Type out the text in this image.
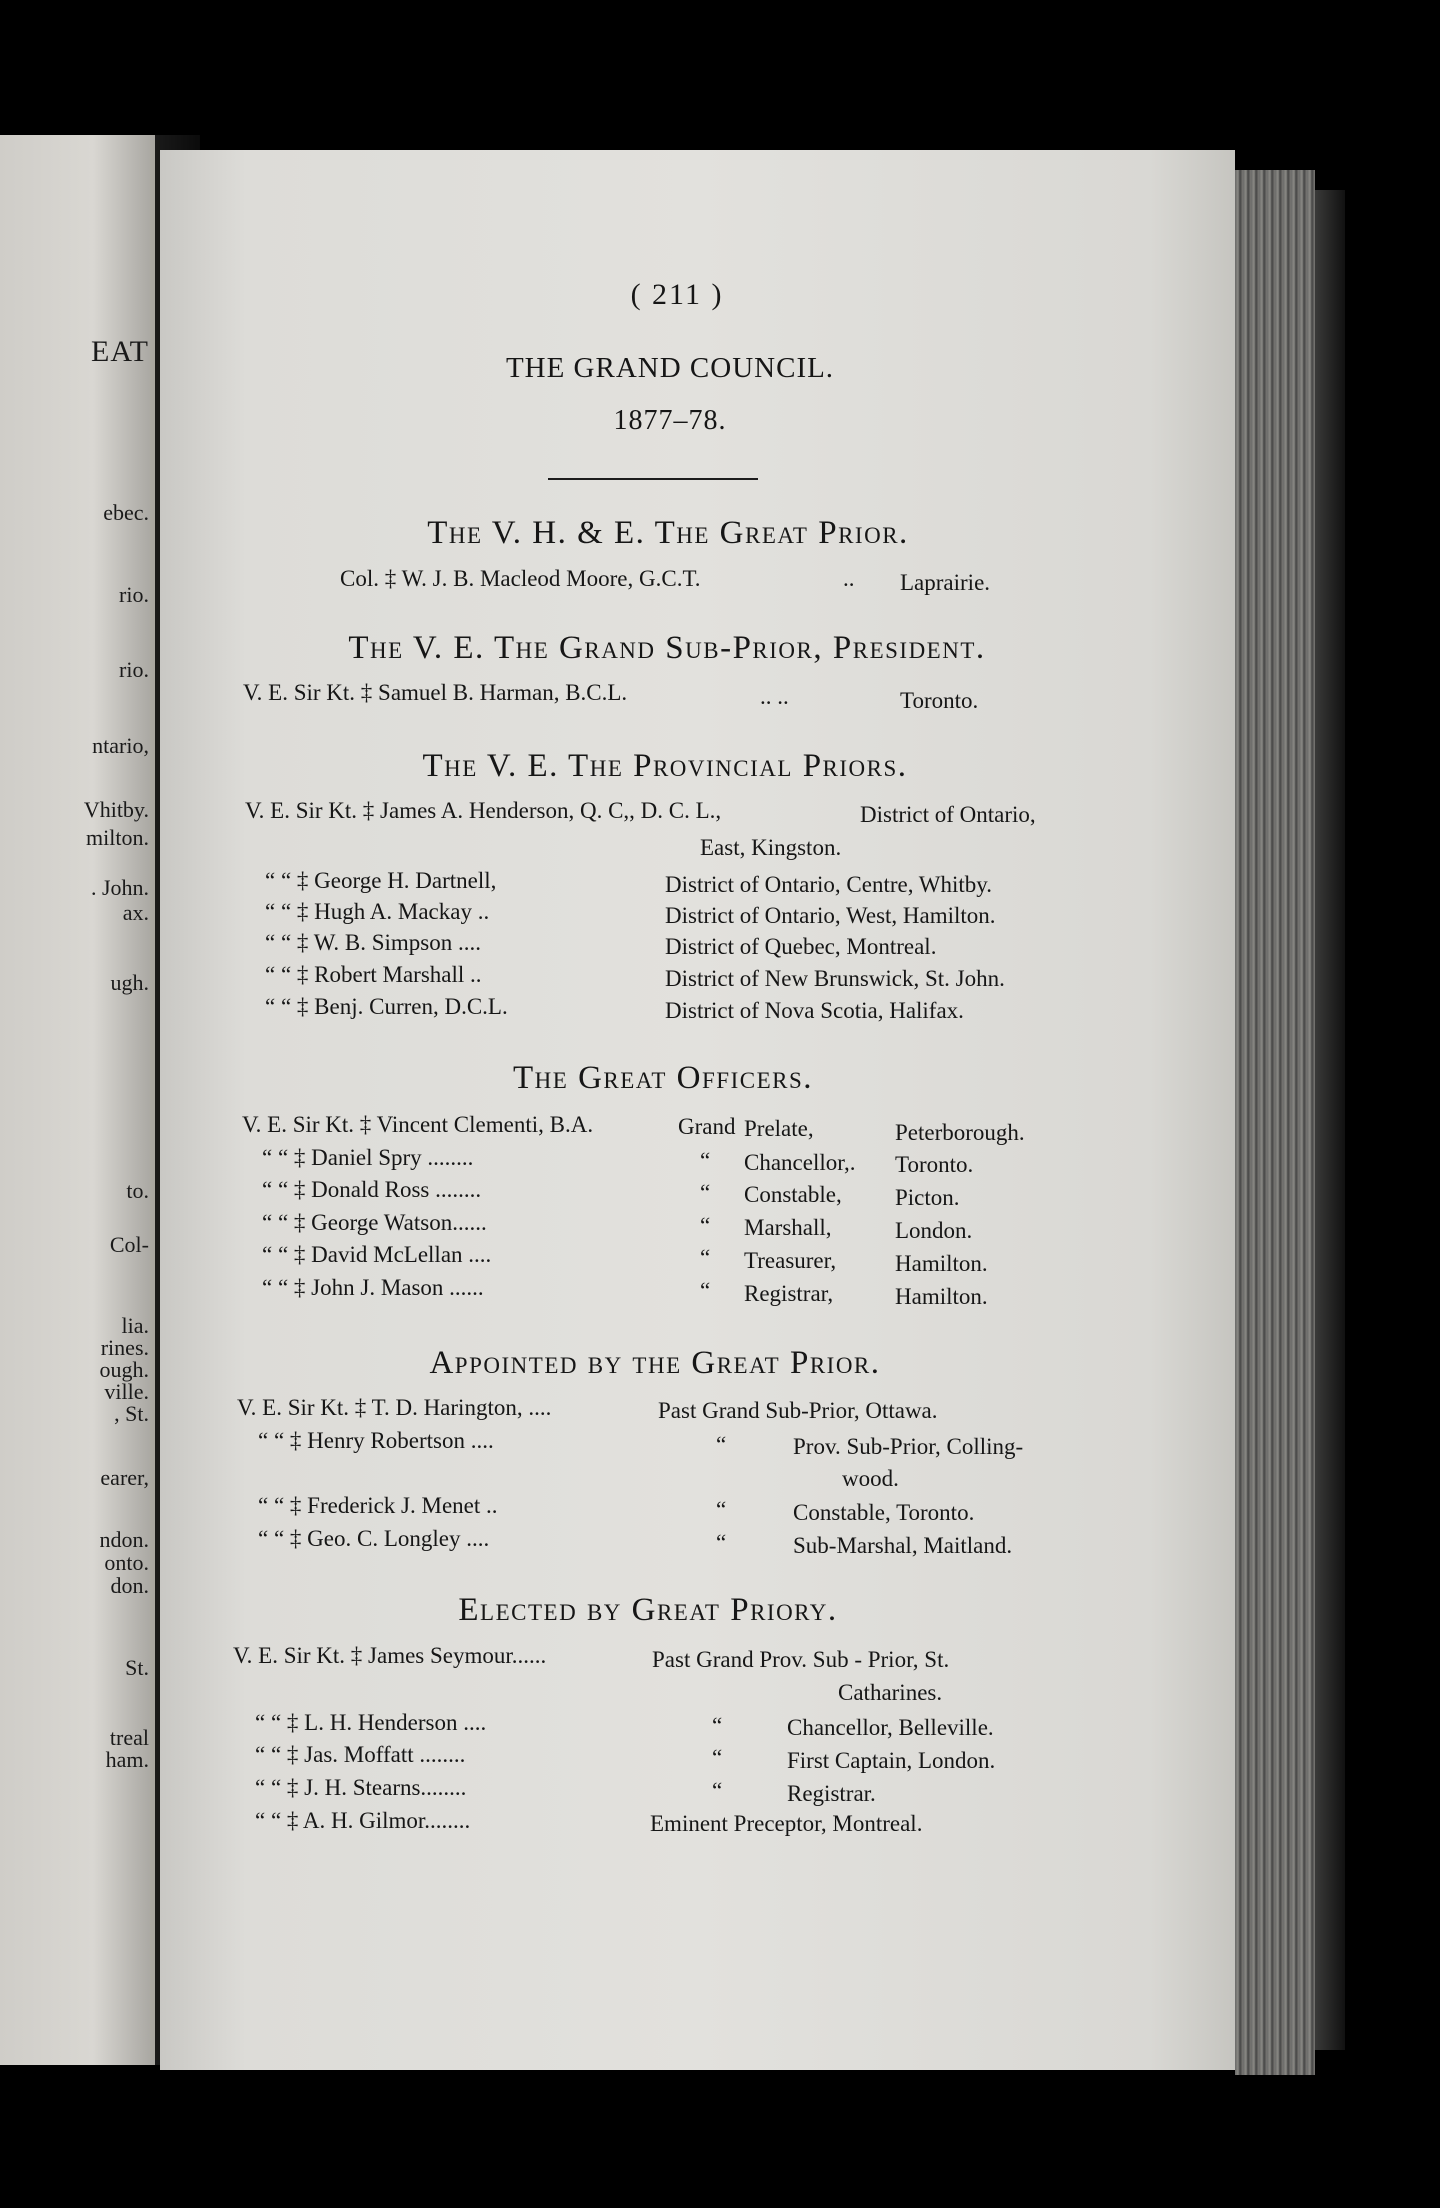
EAT
ebec.
rio.
rio.
ntario,
Vhitby.
milton.
. John.
ax.
ugh.
to.
Col-
lia.
rines.
ough.
ville.
, St.
earer,
ndon.
onto.
don.
St.
treal
ham.
( 211 )
THE GRAND COUNCIL.
1877–78.
The V. H. & E. The Great Prior.
Col. ‡ W. J. B. Macleod Moore, G.C.T.	.. Laprairie.
The V. E. The Grand Sub-Prior, President.
V. E. Sir Kt. ‡ Samuel B. Harman, B.C.L.	.. ..	Toronto.
The V. E. The Provincial Priors.
V. E. Sir Kt. ‡ James A. Henderson, Q. C,, D. C. L.,	District of Ontario,
East, Kingston.
“ “ ‡ George H. Dartnell,	District of Ontario, Centre, Whitby.
“ “ ‡ Hugh A. Mackay ..	District of Ontario, West, Hamilton.
“ “ ‡ W. B. Simpson ....	District of Quebec, Montreal.
“ “ ‡ Robert Marshall ..	District of New Brunswick, St. John.
“ “ ‡ Benj. Curren, D.C.L.	District of Nova Scotia, Halifax.
The Great Officers.
V. E. Sir Kt. ‡ Vincent Clementi, B.A.	Grand Prelate,	Peterborough.
“ “ ‡ Daniel Spry ........	“ Chancellor,. Toronto.
“ “ ‡ Donald Ross ........	“ Constable, Picton.
“ “ ‡ George Watson......	“ Marshall,	London.
“ “ ‡ David McLellan ....	“ Treasurer,	Hamilton.
“ “ ‡ John J. Mason ......	“ Registrar,	Hamilton.
Appointed by the Great Prior.
V. E. Sir Kt. ‡ T. D. Harington, ....	Past Grand Sub-Prior, Ottawa.
“ “ ‡ Henry Robertson ....	“	Prov. Sub-Prior, Colling-
wood.
“ “ ‡ Frederick J. Menet ..	“	Constable, Toronto.
“ “ ‡ Geo. C. Longley ....	“	Sub-Marshal, Maitland.
Elected by Great Priory.
V. E. Sir Kt. ‡ James Seymour......	Past Grand Prov. Sub - Prior, St.
Catharines.
“ “ ‡ L. H. Henderson ....	“	Chancellor, Belleville.
“ “ ‡ Jas. Moffatt ........	“	First Captain, London.
“ “ ‡ J. H. Stearns........	“	Registrar.
“ “ ‡ A. H. Gilmor........	Eminent Preceptor, Montreal.
